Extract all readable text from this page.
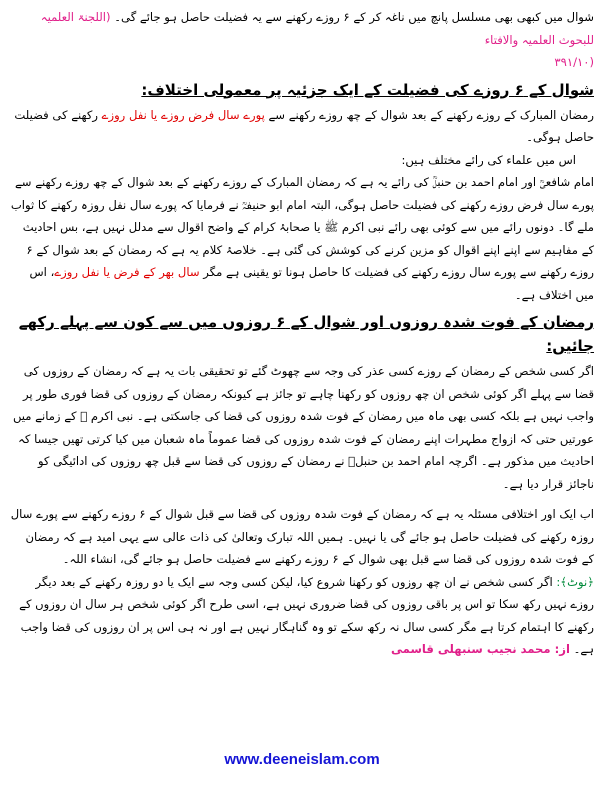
شوال میں کبھی بھی مسلسل پانچ میں ناغہ کر کے ۶ روزے رکھنے سے یہ فضیلت حاصل ہو جائے گی۔ (اللجنۃ العلمیہ للبحوث العلمیہ والافتاء
(۳۹۱/۱۰

شوال کے ۶ روزے کی فضیلت کے ایک جزئیہ پر معمولی اختلاف:

رمضان المبارک کے روزے رکھنے کے بعد شوال کے چھ روزے رکھنے سے پورے سال فرض روزے یا نفل روزے رکھنے کی فضیلت حاصل ہوگی۔

اس میں علماء کی رائے مختلف ہیں:

امام شافعیؒ اور امام احمد بن حنبلؒ کی رائے یہ ہے کہ رمضان المبارک کے روزے رکھنے کے بعد شوال کے چھ روزے رکھنے سے پورے سال فرض روزے رکھنے کی فضیلت حاصل ہوگی، البتہ امام ابو حنیفہؒ نے فرمایا کہ پورے سال نفل روزہ رکھنے کا ثواب ملے گا۔ دونوں رائے میں سے کوئی بھی رائے نبی اکرم ﷺ یا صحابۂ کرام کے واضح اقوال سے مدلل نہیں ہے، بس احادیث کے مفاہیم سے اپنے اپنے اقوال کو مزین کرنے کی کوشش کی گئی ہے۔ خلاصۂ کلام یہ ہے کہ رمضان کے بعد شوال کے ۶ روزے رکھنے سے پورے سال روزے رکھنے کی فضیلت کا حاصل ہونا تو یقینی ہے مگر سال بھر کے فرض یا نفل روزے، اس میں اختلاف ہے۔

رمضان کے فوت شدہ روزوں اور شوال کے ۶ روزوں میں سے کون سے پہلے رکھے جائیں:

اگر کسی شخص کے رمضان کے روزے کسی عذر کی وجہ سے چھوٹ گئے تو تحقیقی بات یہ ہے کہ رمضان کے روزوں کی قضا سے پہلے اگر کوئی شخص ان چھ روزوں کو رکھنا چاہے تو جائز ہے کیونکہ رمضان کے روزوں کی قضا فوری طور پر واجب نہیں ہے بلکہ کسی بھی ماہ میں رمضان کے فوت شدہ روزوں کی قضا کی جاسکتی ہے۔ نبی اکرم ﷺ کے زمانے میں عورتیں حتی کہ ازواج مطہرات اپنے رمضان کے فوت شدہ روزوں کی قضا عموماً ماہ شعبان میں کیا کرتی تھیں جیسا کہ احادیث میں مذکور ہے۔ اگرچہ امام احمد بن حنبلؒ نے رمضان کے روزوں کی قضا سے قبل چھ روزوں کی ادائیگی کو ناجائز قرار دیا ہے۔

اب ایک اور اختلافی مسئلہ یہ ہے کہ رمضان کے فوت شدہ روزوں کی قضا سے قبل شوال کے ۶ روزے رکھنے سے پورے سال روزہ رکھنے کی فضیلت حاصل ہو جائے گی یا نہیں۔ ہمیں اللہ تبارک وتعالیٰ کی ذات عالی سے یہی امید ہے کہ رمضان کے فوت شدہ روزوں کی قضا سے قبل بھی شوال کے ۶ روزے رکھنے سے فضیلت حاصل ہو جائے گی، انشاء اللہ۔

﴿نوٹ﴾: اگر کسی شخص نے ان چھ روزوں کو رکھنا شروع کیا، لیکن کسی وجہ سے ایک یا دو روزہ رکھنے کے بعد دیگر روزے نہیں رکھ سکا تو اس پر باقی روزوں کی قضا ضروری نہیں ہے، اسی طرح اگر کوئی شخص ہر سال ان روزوں کے رکھنے کا اہتمام کرتا ہے مگر کسی سال نہ رکھ سکے تو وہ گناہگار نہیں ہے اور نہ ہی اس پر ان روزوں کی قضا واجب ہے۔ از: محمد نجیب سنبھلی قاسمی

www.deeneislam.com
